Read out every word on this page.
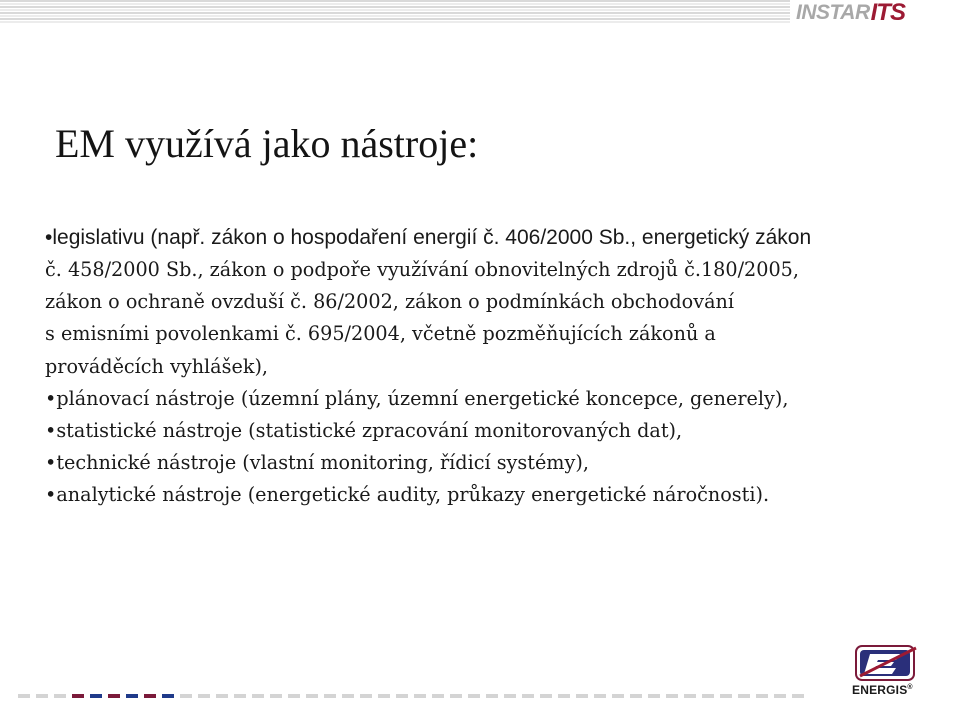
INSTAR ITS
EM využívá jako nástroje:

•legislativu (např. zákon o hospodaření energií č. 406/2000 Sb., energetický zákon

č. 458/2000 Sb., zákon o podpoře využívání obnovitelných zdrojů č.180/2005,

zákon o ochraně ovzduší č. 86/2002, zákon o podmínkách obchodování

s emisními povolenkami č. 695/2004, včetně pozměňujících zákonů a

prováděcích vyhlášek),

•plánovací nástroje (územní plány, územní energetické koncepce, generely),

•statistické nástroje (statistické zpracování monitorovaných dat),

•technické nástroje (vlastní monitoring, řídicí systémy),

•analytické nástroje (energetické audity, průkazy energetické náročnosti).

ENERGIS®
